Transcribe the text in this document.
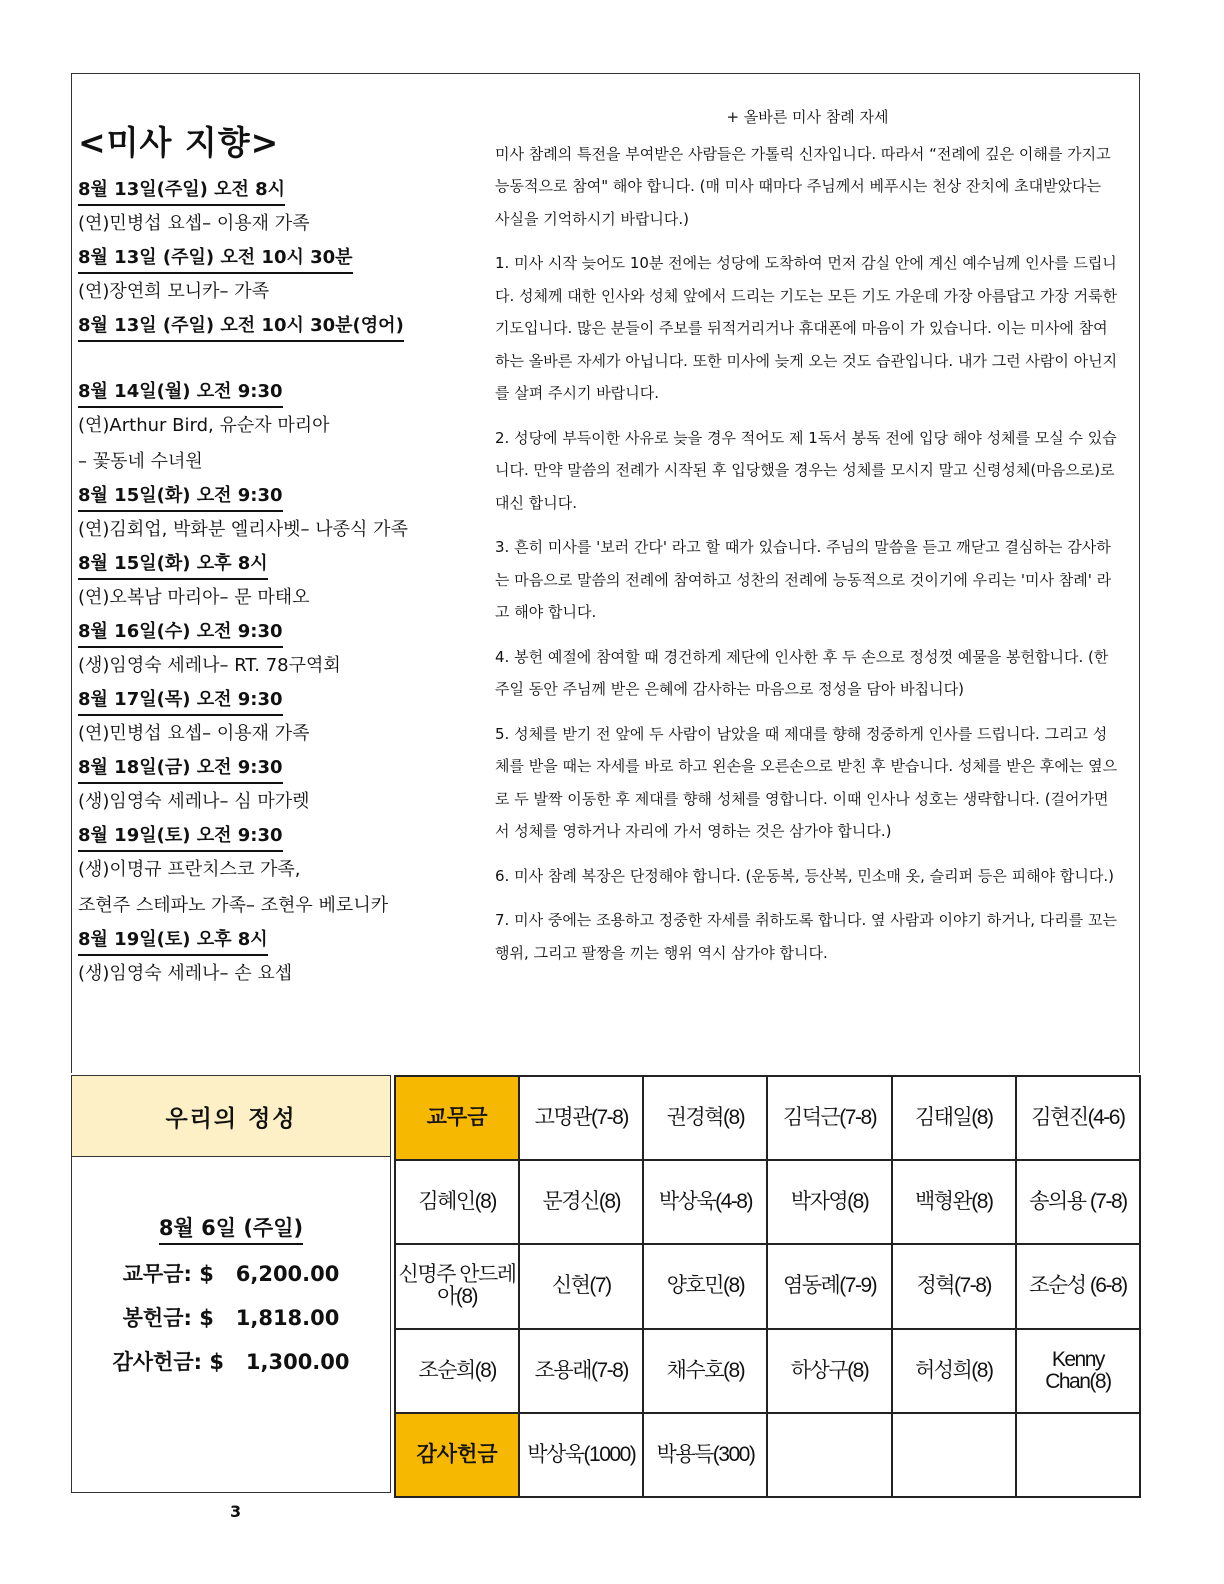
<미사 지향>
8월 13일(주일) 오전 8시
(연)민병섭 요셉– 이용재 가족
8월 13일 (주일) 오전 10시 30분
(연)장연희 모니카– 가족
8월 13일 (주일) 오전 10시 30분(영어)
8월 14일(월) 오전 9:30
(연)Arthur Bird, 유순자 마리아
– 꽃동네 수녀원
8월 15일(화) 오전 9:30
(연)김회업, 박화분 엘리사벳– 나종식 가족
8월 15일(화) 오후 8시
(연)오복남 마리아– 문 마태오
8월 16일(수) 오전 9:30
(생)임영숙 세레나– RT. 78구역회
8월 17일(목) 오전 9:30
(연)민병섭 요셉– 이용재 가족
8월 18일(금) 오전 9:30
(생)임영숙 세레나– 심 마가렛
8월 19일(토) 오전 9:30
(생)이명규 프란치스코 가족,
조현주 스테파노 가족– 조현우 베로니카
8월 19일(토) 오후 8시
(생)임영숙 세레나– 손 요셉
+ 올바른 미사 참례 자세

미사 참례의 특전을 부여받은 사람들은 가톨릭 신자입니다. 따라서 “전례에 깊은 이해를 가지고 능동적으로 참여" 해야 합니다. (매 미사 때마다 주님께서 베푸시는 천상 잔치에 초대받았다는 사실을 기억하시기 바랍니다.)

1. 미사 시작 늦어도 10분 전에는 성당에 도착하여 먼저 감실 안에 계신 예수님께 인사를 드립니다. 성체께 대한 인사와 성체 앞에서 드리는 기도는 모든 기도 가운데 가장 아름답고 가장 거룩한 기도입니다. 많은 분들이 주보를 뒤적거리거나 휴대폰에 마음이 가 있습니다. 이는 미사에 참여하는 올바른 자세가 아닙니다. 또한 미사에 늦게 오는 것도 습관입니다. 내가 그런 사람이 아닌지를 살펴 주시기 바랍니다.

2. 성당에 부득이한 사유로 늦을 경우 적어도 제 1독서 봉독 전에 입당 해야 성체를 모실 수 있습니다. 만약 말씀의 전례가 시작된 후 입당했을 경우는 성체를 모시지 말고 신령성체(마음으로)로 대신 합니다.

3. 흔히 미사를 '보러 간다' 라고 할 때가 있습니다. 주님의 말씀을 듣고 깨닫고 결심하는 감사하는 마음으로 말씀의 전례에 참여하고 성찬의 전례에 능동적으로 것이기에 우리는 '미사 참례' 라고 해야 합니다.

4. 봉헌 예절에 참여할 때 경건하게 제단에 인사한 후 두 손으로 정성껏 예물을 봉헌합니다. (한 주일 동안 주님께 받은 은혜에 감사하는 마음으로 정성을 담아 바칩니다)

5. 성체를 받기 전 앞에 두 사람이 남았을 때 제대를 향해 정중하게 인사를 드립니다. 그리고 성체를 받을 때는 자세를 바로 하고 왼손을 오른손으로 받친 후 받습니다. 성체를 받은 후에는 옆으로 두 발짝 이동한 후 제대를 향해 성체를 영합니다. 이때 인사나 성호는 생략합니다. (걸어가면서 성체를 영하거나 자리에 가서 영하는 것은 삼가야 합니다.)

6. 미사 참례 복장은 단정해야 합니다. (운동복, 등산복, 민소매 옷, 슬리퍼 등은 피해야 합니다.)

7. 미사 중에는 조용하고 정중한 자세를 취하도록 합니다. 옆 사람과 이야기 하거나, 다리를 꼬는 행위, 그리고 팔짱을 끼는 행위 역시 삼가야 합니다.

우리의 정성
8월 6일 (주일)
교무금: $   6,200.00
봉헌금: $   1,818.00
감사헌금: $   1,300.00
교무금	고명관(7-8)	권경혁(8)	김덕근(7-8)	김태일(8)	김현진(4-6)
김혜인(8)	문경신(8)	박상욱(4-8)	박자영(8)	백형완(8)	송의용 (7-8)
신명주 안드레아(8)	신현(7)	양호민(8)	염동례(7-9)	정혁(7-8)	조순성 (6-8)
조순희(8)	조용래(7-8)	채수호(8)	하상구(8)	허성희(8)	Kenny Chan(8)
감사헌금	박상욱(1000)	박용득(300)			
3
